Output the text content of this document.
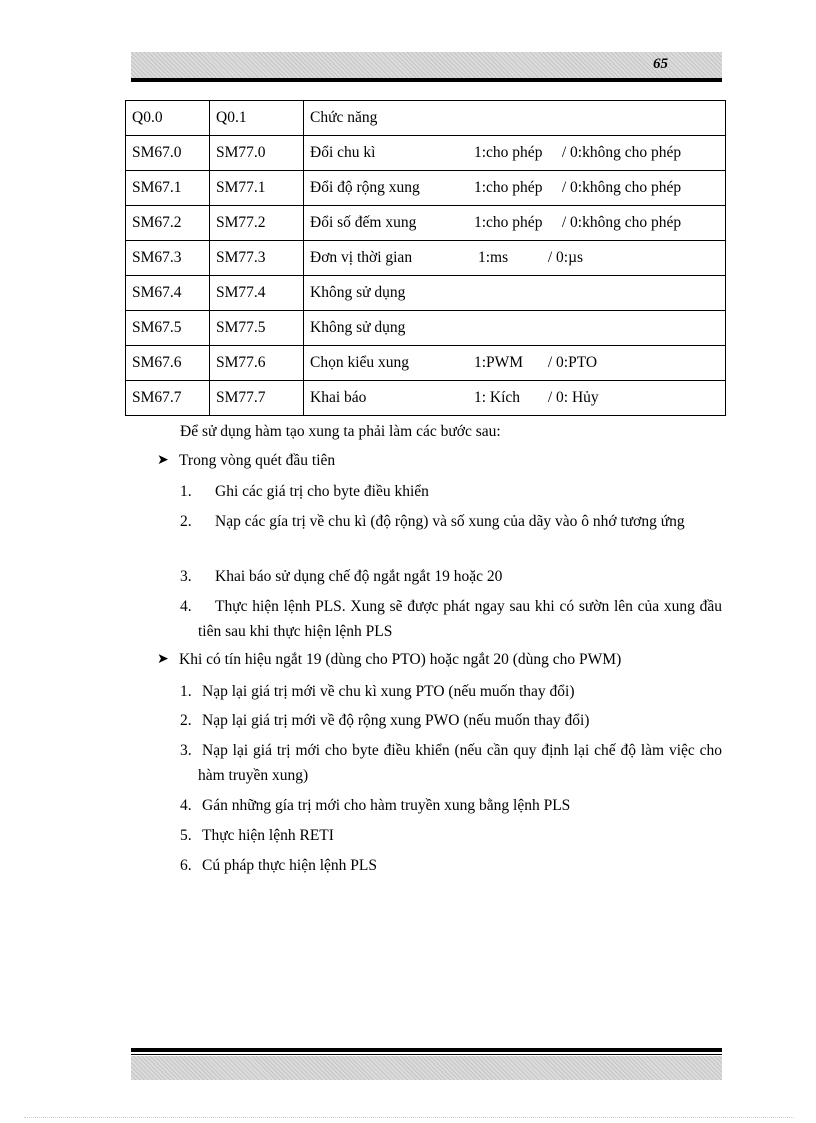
65
Q0.0	Q0.1	Chức năng
SM67.0	SM77.0	Đổi chu kì 1:cho phép / 0:không cho phép
SM67.1	SM77.1	Đổi độ rộng xung 1:cho phép / 0:không cho phép
SM67.2	SM77.2	Đổi số đếm xung 1:cho phép / 0:không cho phép
SM67.3	SM77.3	Đơn vị thời gian 1:ms / 0:µs
SM67.4	SM77.4	Không sử dụng
SM67.5	SM77.5	Không sử dụng
SM67.6	SM77.6	Chọn kiểu xung 1:PWM / 0:PTO
SM67.7	SM77.7	Khai báo 1: Kích / 0: Hủy
Để sử dụng hàm tạo xung ta phải làm các bước sau:
➤ Trong vòng quét đầu tiên
1. Ghi các giá trị cho byte điều khiển
2.	Nạp các gía trị về chu kì (độ rộng) và số xung của dãy vào ô nhớ tương ứng
3. Khai báo sử dụng chế độ ngắt ngắt 19 hoặc 20
4.	Thực hiện lệnh PLS. Xung sẽ được phát ngay sau khi có sườn lên của xung đầu tiên sau khi thực hiện lệnh PLS
➤ Khi có tín hiệu ngắt 19 (dùng cho PTO) hoặc ngắt 20 (dùng cho PWM)
1. Nạp lại giá trị mới về chu kì xung PTO (nếu muốn thay đổi)
2. Nạp lại giá trị mới về độ rộng xung PWO (nếu muốn thay đổi)
3. Nạp lại giá trị mới cho byte điều khiển (nếu cần quy định lại chế độ làm việc cho hàm truyền xung)
4. Gán những gía trị mới cho hàm truyền xung bằng lệnh PLS
5. Thực hiện lệnh RETI
6. Cú pháp thực hiện lệnh PLS
